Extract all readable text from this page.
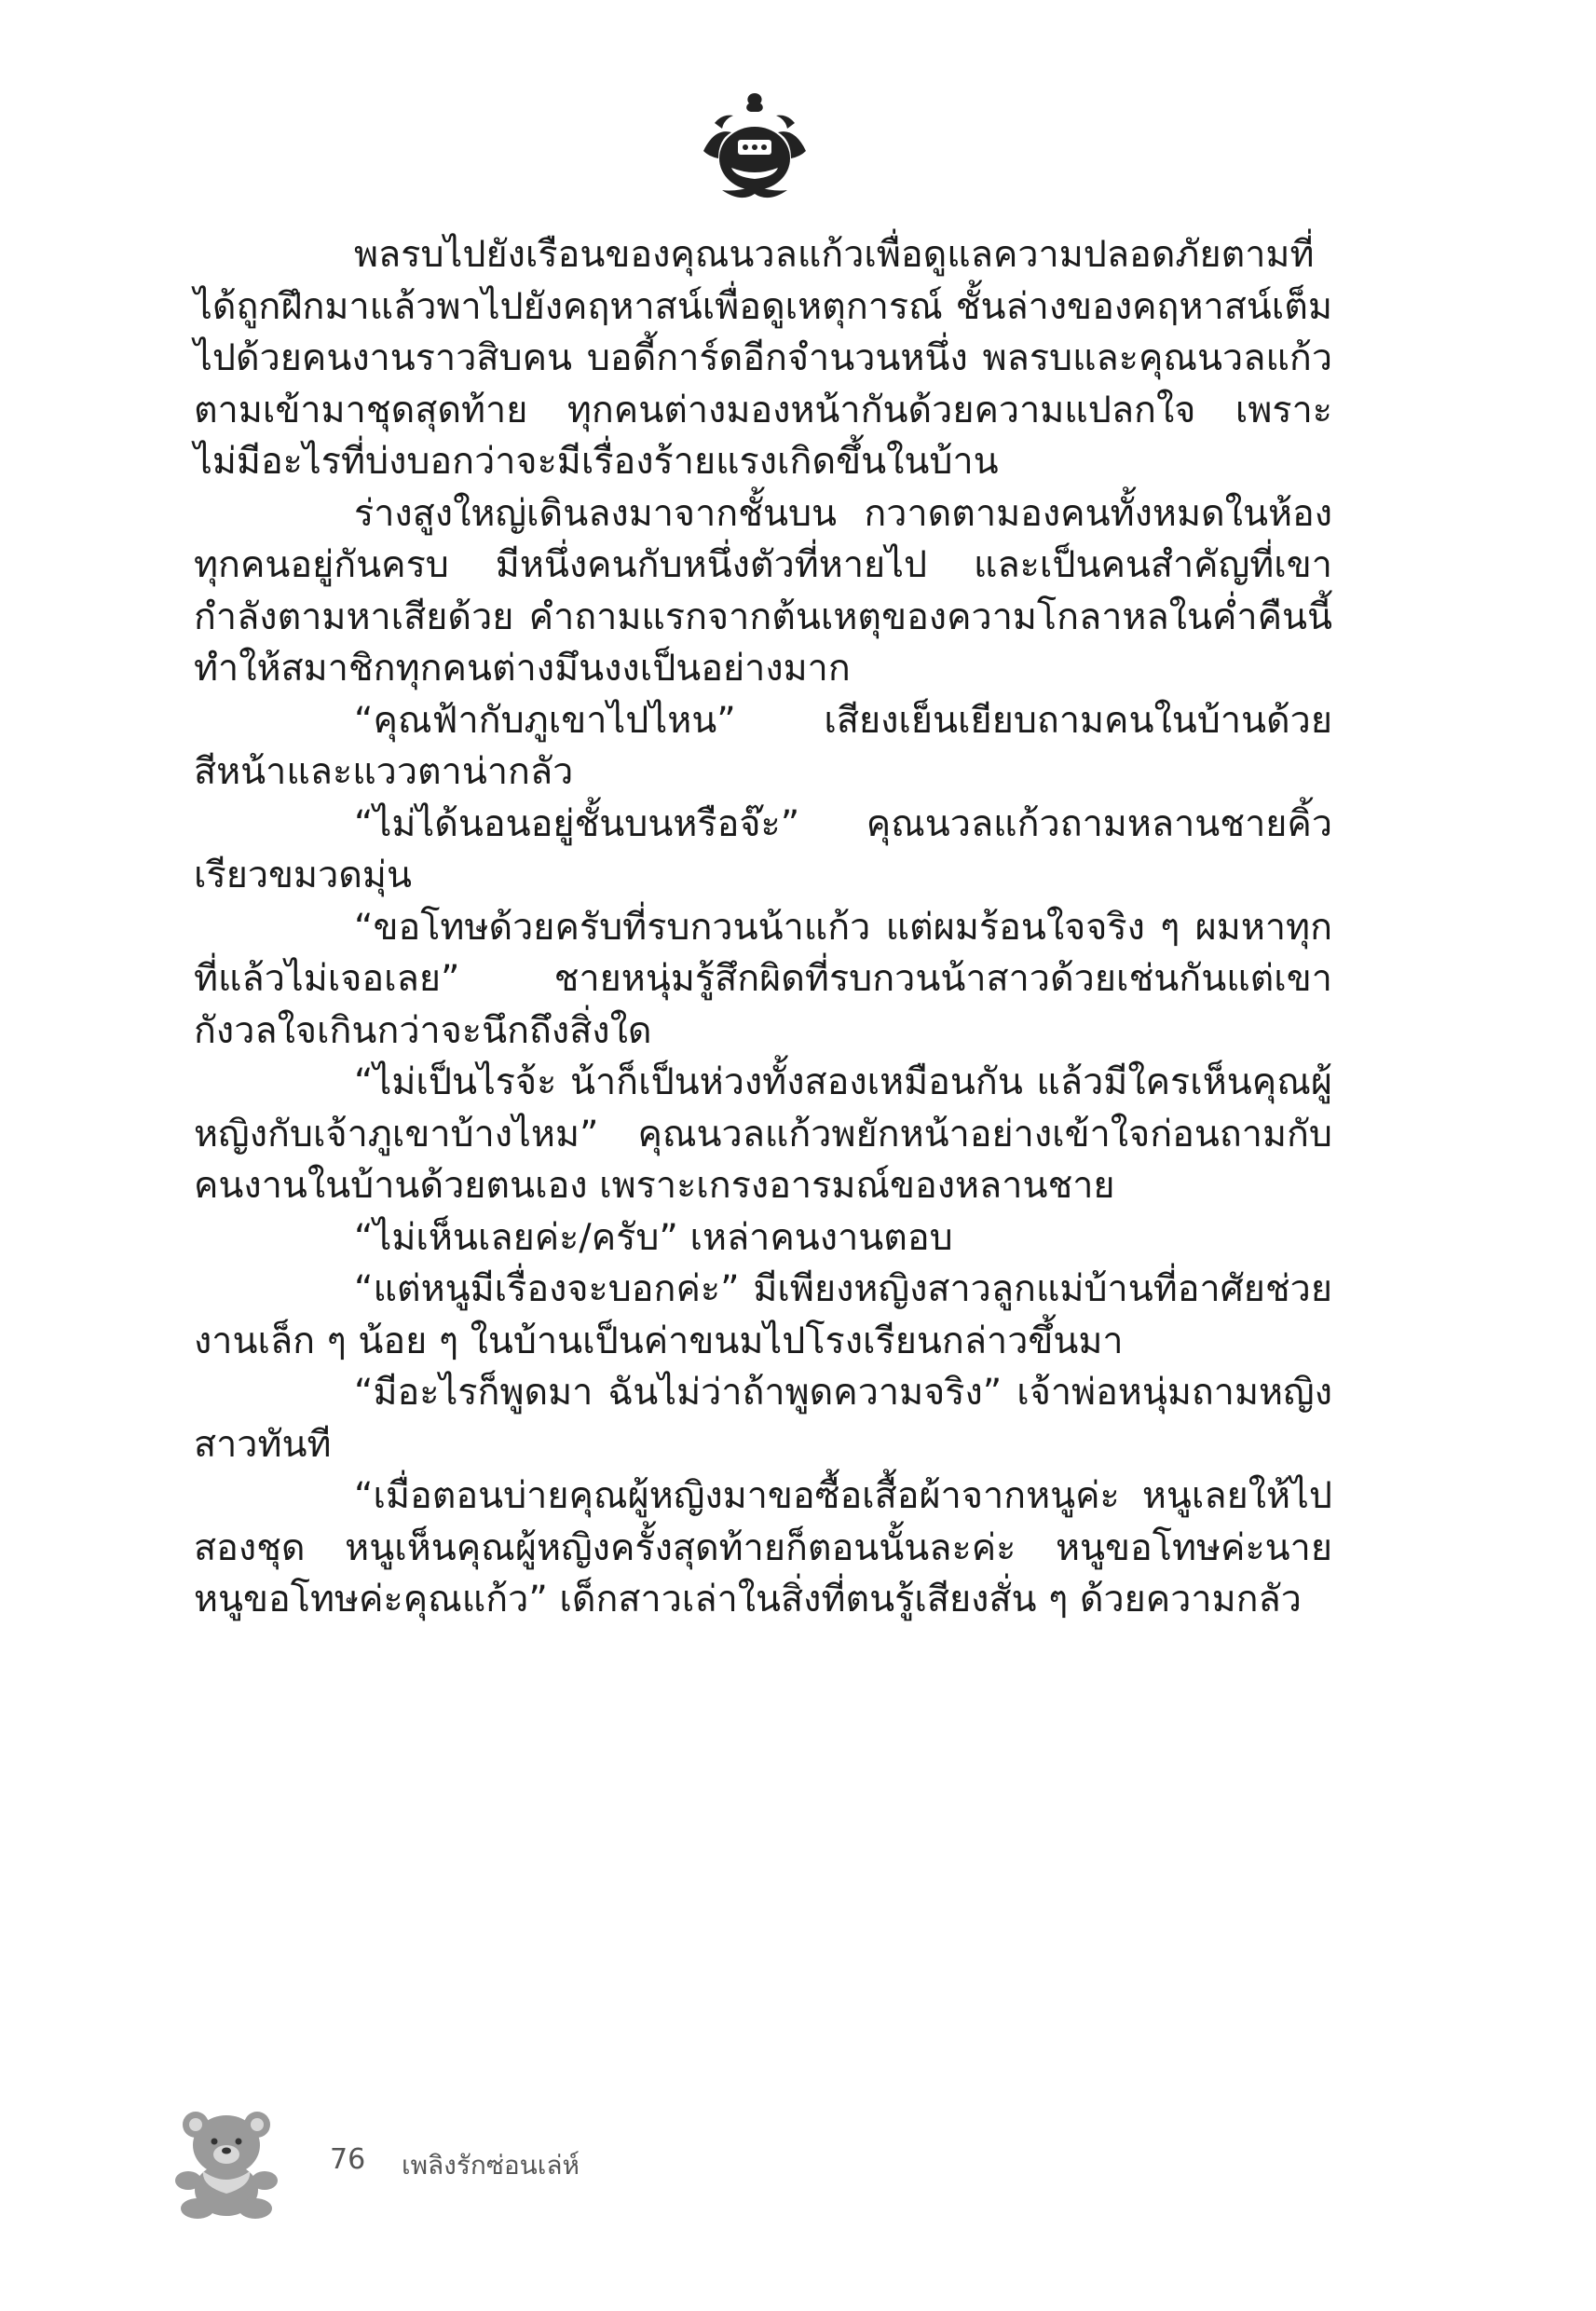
พลรบไปยังเรือนของคุณนวลแก้วเพื่อดูแลความปลอดภัยตามที่ได้ถูกฝึกมาแล้วพาไปยังคฤหาสน์เพื่อดูเหตุการณ์ ชั้นล่างของคฤหาสน์เต็มไปด้วยคนงานราวสิบคน บอดี้การ์ดอีกจำนวนหนึ่ง พลรบและคุณนวลแก้วตามเข้ามาชุดสุดท้าย ทุกคนต่างมองหน้ากันด้วยความแปลกใจ เพราะไม่มีอะไรที่บ่งบอกว่าจะมีเรื่องร้ายแรงเกิดขึ้นในบ้าน

ร่างสูงใหญ่เดินลงมาจากชั้นบน กวาดตามองคนทั้งหมดในห้อง ทุกคนอยู่กันครบ มีหนึ่งคนกับหนึ่งตัวที่หายไป และเป็นคนสำคัญที่เขากำลังตามหาเสียด้วย คำถามแรกจากต้นเหตุของความโกลาหลในค่ำคืนนี้ทำให้สมาชิกทุกคนต่างมึนงงเป็นอย่างมาก

“คุณฟ้ากับภูเขาไปไหน” เสียงเย็นเยียบถามคนในบ้านด้วยสีหน้าและแววตาน่ากลัว

“ไม่ได้นอนอยู่ชั้นบนหรือจ๊ะ” คุณนวลแก้วถามหลานชายคิ้วเรียวขมวดมุ่น

“ขอโทษด้วยครับที่รบกวนน้าแก้ว แต่ผมร้อนใจจริง ๆ ผมหาทุกที่แล้วไม่เจอเลย” ชายหนุ่มรู้สึกผิดที่รบกวนน้าสาวด้วยเช่นกันแต่เขากังวลใจเกินกว่าจะนึกถึงสิ่งใด

“ไม่เป็นไรจ้ะ น้าก็เป็นห่วงทั้งสองเหมือนกัน แล้วมีใครเห็นคุณผู้หญิงกับเจ้าภูเขาบ้างไหม” คุณนวลแก้วพยักหน้าอย่างเข้าใจก่อนถามกับคนงานในบ้านด้วยตนเอง เพราะเกรงอารมณ์ของหลานชาย

“ไม่เห็นเลยค่ะ/ครับ” เหล่าคนงานตอบ

“แต่หนูมีเรื่องจะบอกค่ะ” มีเพียงหญิงสาวลูกแม่บ้านที่อาศัยช่วยงานเล็ก ๆ น้อย ๆ ในบ้านเป็นค่าขนมไปโรงเรียนกล่าวขึ้นมา

“มีอะไรก็พูดมา ฉันไม่ว่าถ้าพูดความจริง” เจ้าพ่อหนุ่มถามหญิงสาวทันที

“เมื่อตอนบ่ายคุณผู้หญิงมาขอซื้อเสื้อผ้าจากหนูค่ะ หนูเลยให้ไปสองชุด หนูเห็นคุณผู้หญิงครั้งสุดท้ายก็ตอนนั้นละค่ะ หนูขอโทษค่ะนาย หนูขอโทษค่ะคุณแก้ว” เด็กสาวเล่าในสิ่งที่ตนรู้เสียงสั่น ๆ ด้วยความกลัว

76 เพลิงรักซ่อนเล่ห์
